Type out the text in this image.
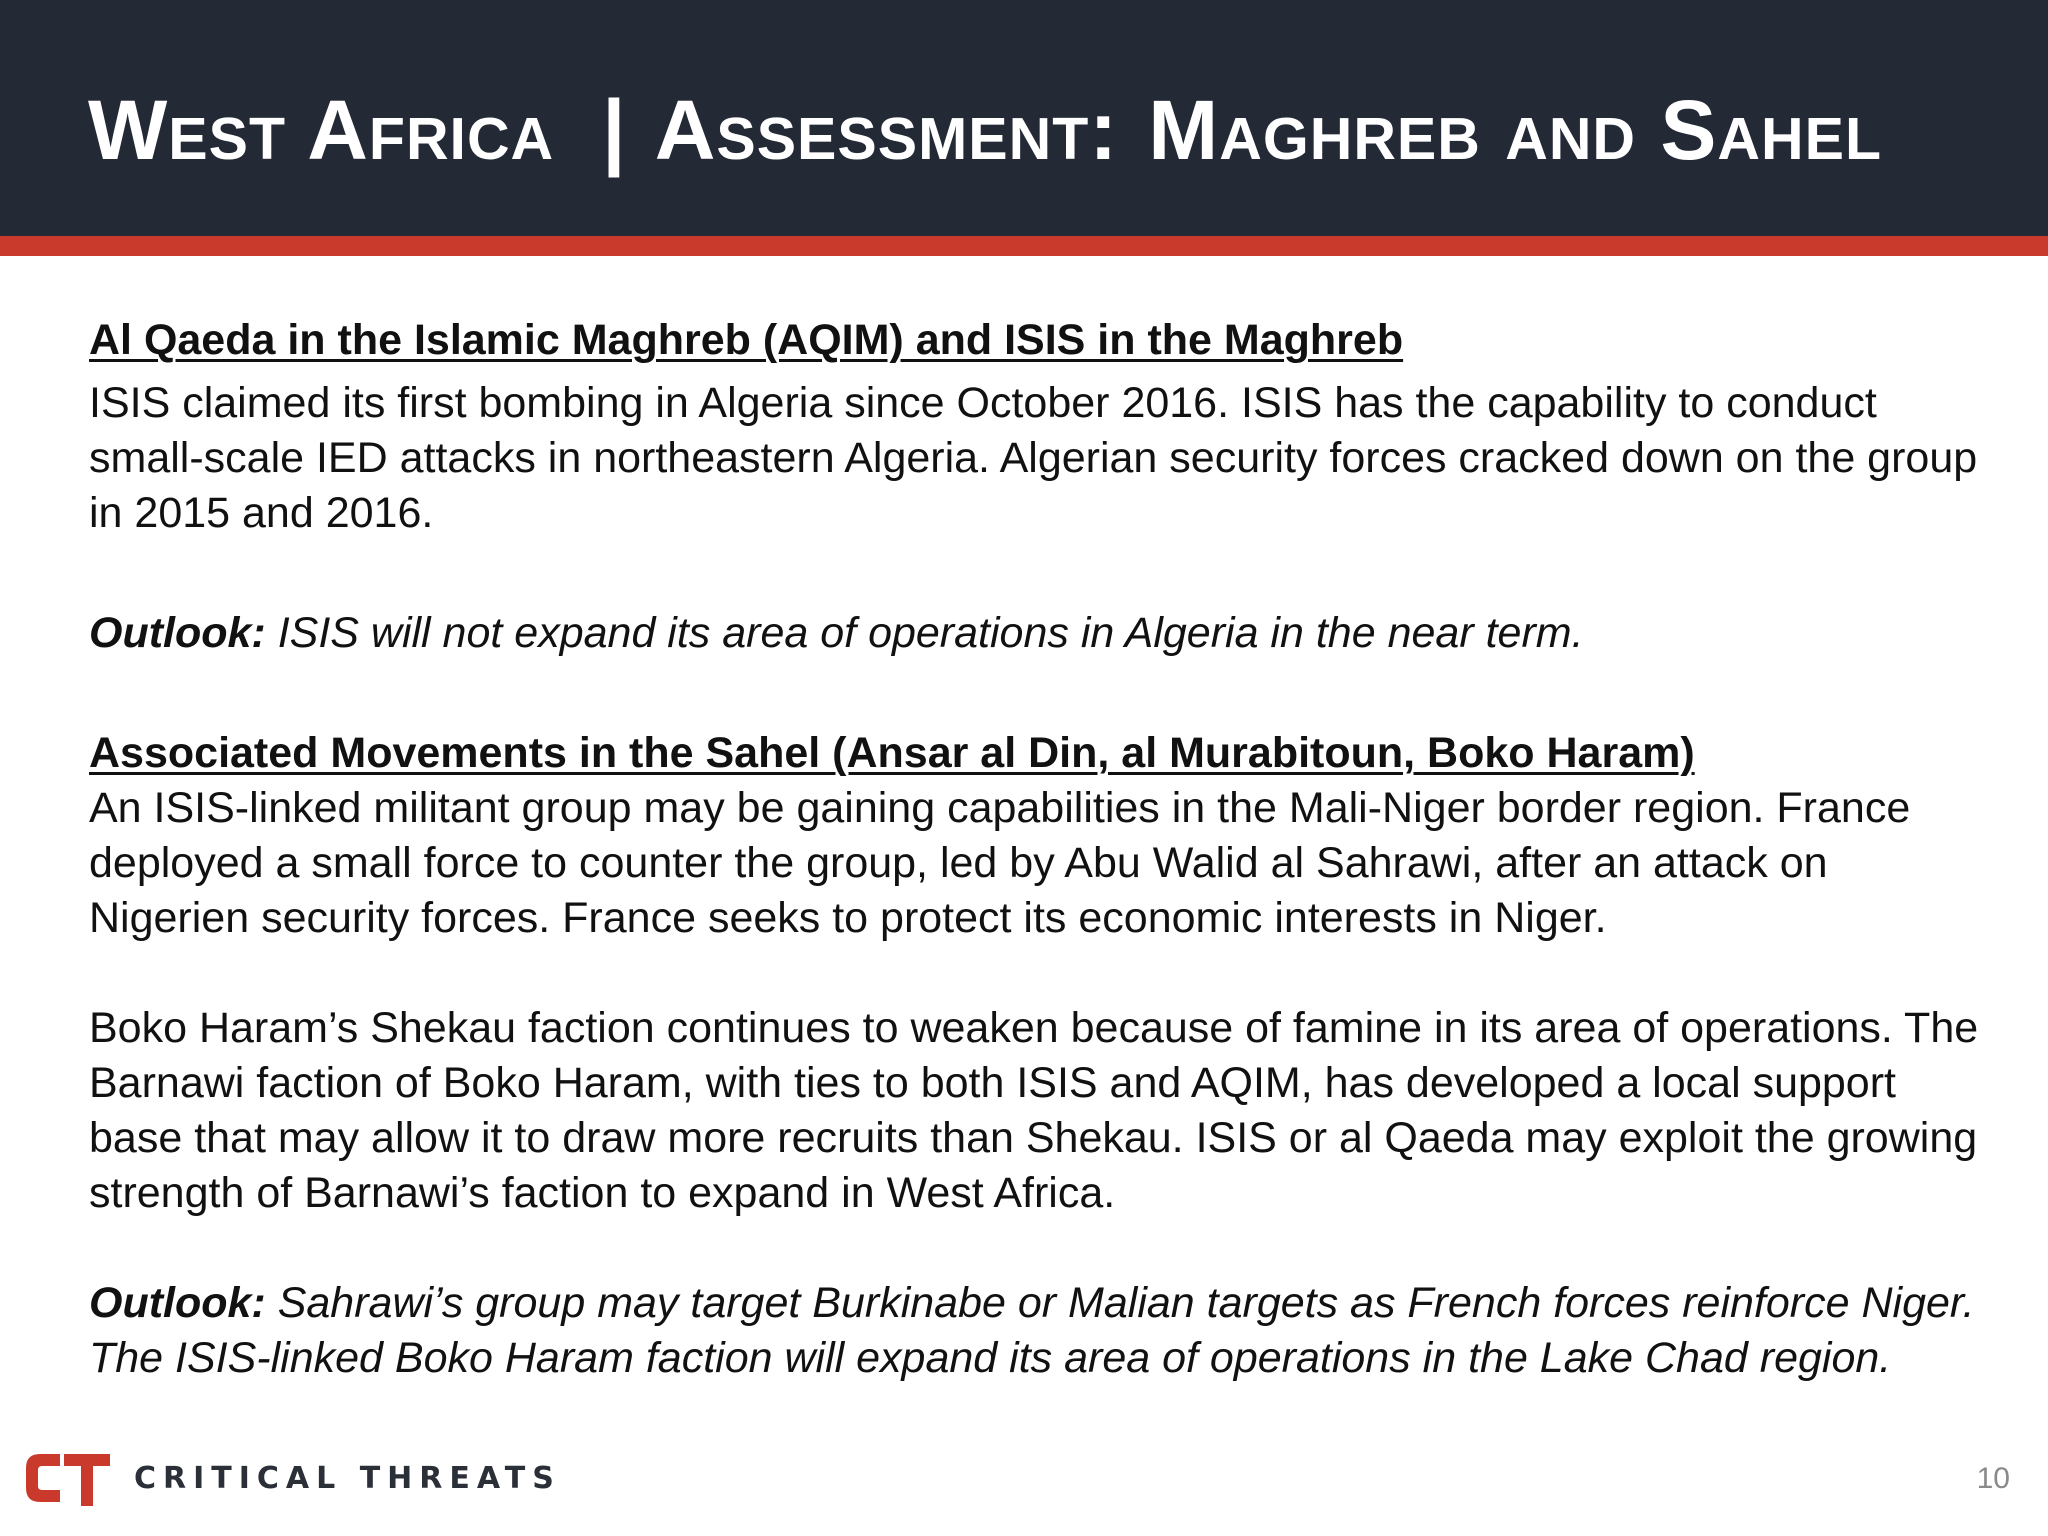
West Africa | Assessment: Maghreb and Sahel

Al Qaeda in the Islamic Maghreb (AQIM) and ISIS in the Maghreb

ISIS claimed its first bombing in Algeria since October 2016. ISIS has the capability to conduct small-scale IED attacks in northeastern Algeria. Algerian security forces cracked down on the group in 2015 and 2016.

Outlook: ISIS will not expand its area of operations in Algeria in the near term.

Associated Movements in the Sahel (Ansar al Din, al Murabitoun, Boko Haram)

An ISIS-linked militant group may be gaining capabilities in the Mali-Niger border region. France deployed a small force to counter the group, led by Abu Walid al Sahrawi, after an attack on Nigerien security forces. France seeks to protect its economic interests in Niger.

Boko Haram’s Shekau faction continues to weaken because of famine in its area of operations. The Barnawi faction of Boko Haram, with ties to both ISIS and AQIM, has developed a local support base that may allow it to draw more recruits than Shekau. ISIS or al Qaeda may exploit the growing strength of Barnawi’s faction to expand in West Africa.

Outlook: Sahrawi’s group may target Burkinabe or Malian targets as French forces reinforce Niger. The ISIS-linked Boko Haram faction will expand its area of operations in the Lake Chad region.

CRITICAL THREATS	10
